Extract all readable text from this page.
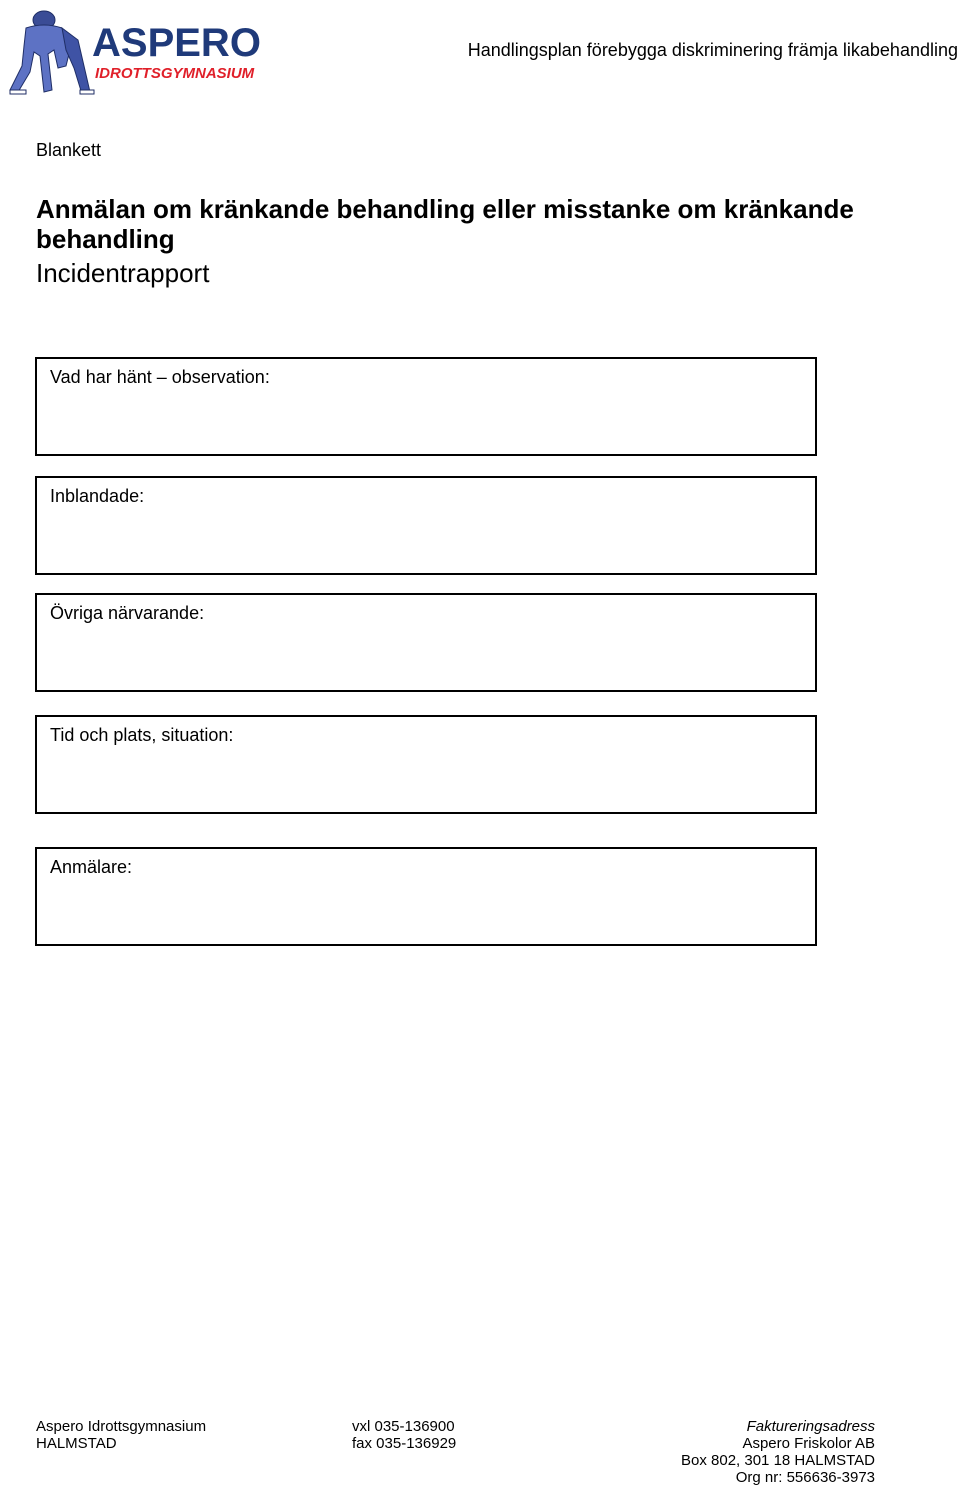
ASPERO
IDROTTSGYMNASIUM
Handlingsplan förebygga diskriminering främja likabehandling
Blankett
Anmälan om kränkande behandling eller misstanke om kränkande behandling
Incidentrapport
Vad har hänt – observation:
Inblandade:
Övriga närvarande:
Tid och plats, situation:
Anmälare:
Aspero Idrottsgymnasium
HALMSTAD
vxl 035-136900
fax 035-136929
Faktureringsadress
Aspero Friskolor AB
Box 802, 301 18 HALMSTAD
Org nr: 556636-3973
